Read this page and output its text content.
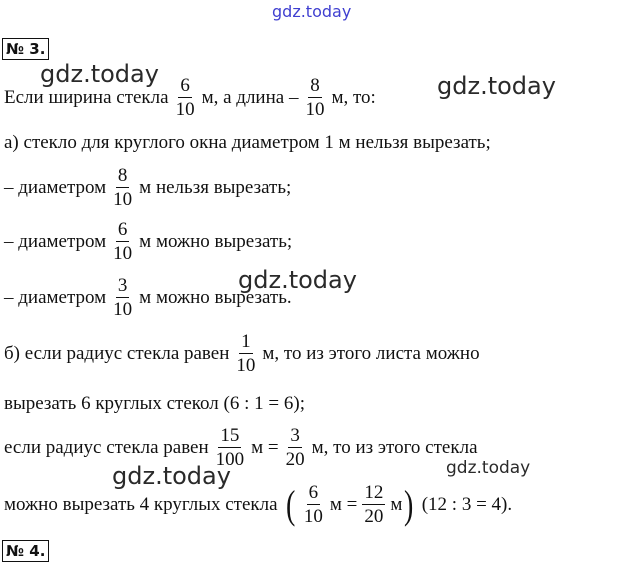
gdz.today
gdz.today	gdz.today
gdz.today
gdz.today
gdz.today
№ 3.
Если ширина стекла $\frac{6}{10} м$, а длина – $\frac{8}{10} м$, то:
а) стекло для круглого окна диаметром 1 м нельзя вырезать;
– диаметром $\frac{8}{10}$ м нельзя вырезать;
– диаметром $\frac{6}{10}$ м можно вырезать;
– диаметром $\frac{3}{10}$ м можно вырезать.
б) если радиус стекла равен $\frac{1}{10} м$, то из этого листа можно
вырезать 6 круглых стекол (6 : 1 = 6);
если радиус стекла равен $\frac{15}{100}$ $м = \frac{3}{20} м$, то из этого стекла
можно вырезать 4 круглых стекла ( $\frac{6}{10}$ $м = \frac{12}{20}$ м ) (12 : 3 = 4).
№ 4.
